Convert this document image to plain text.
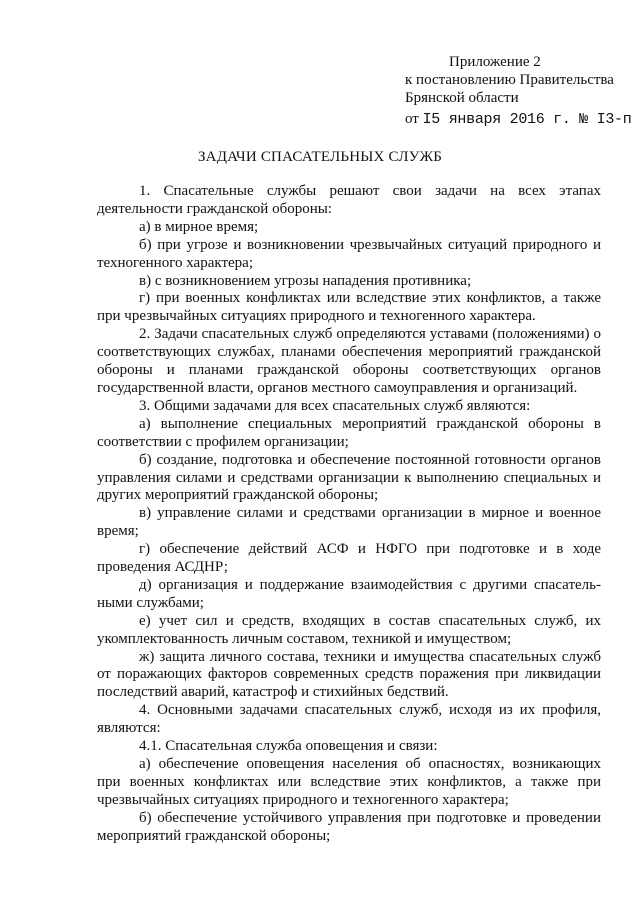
Приложение 2
к постановлению Правительства
Брянской области
от I5 января 2016 г. № I3-п
ЗАДАЧИ СПАСАТЕЛЬНЫХ СЛУЖБ

1. Спасательные службы решают свои задачи на всех этапах деятельности гражданской обороны:

а) в мирное время;

б) при угрозе и возникновении чрезвычайных ситуаций природного и техногенного характера;

в) с возникновением угрозы нападения противника;

г) при военных конфликтах или вследствие этих конфликтов, а также при чрезвычайных ситуациях природного и техногенного характера.

2. Задачи спасательных служб определяются уставами (положениями) о соответствующих службах, планами обеспечения мероприятий гражданской обороны и планами гражданской обороны соответствующих органов государственной власти, органов местного самоуправления и организаций.

3. Общими задачами для всех спасательных служб являются:

а) выполнение специальных мероприятий гражданской обороны в соответствии с профилем организации;

б) создание, подготовка и обеспечение постоянной готовности органов управления силами и средствами организации к выполнению специальных и других мероприятий гражданской обороны;

в) управление силами и средствами организации в мирное и военное время;

г) обеспечение действий АСФ и НФГО при подготовке и в ходе проведения АСДНР;

д) организация и поддержание взаимодействия с другими спасательными службами;

е) учет сил и средств, входящих в состав спасательных служб, их укомплектованность личным составом, техникой и имуществом;

ж) защита личного состава, техники и имущества спасательных служб от поражающих факторов современных средств поражения при ликвидации последствий аварий, катастроф и стихийных бедствий.

4. Основными задачами спасательных служб, исходя из их профиля, являются:

4.1. Спасательная служба оповещения и связи:

а) обеспечение оповещения населения об опасностях, возникающих при военных конфликтах или вследствие этих конфликтов, а также при чрезвычайных ситуациях природного и техногенного характера;

б) обеспечение устойчивого управления при подготовке и проведении мероприятий гражданской обороны;
